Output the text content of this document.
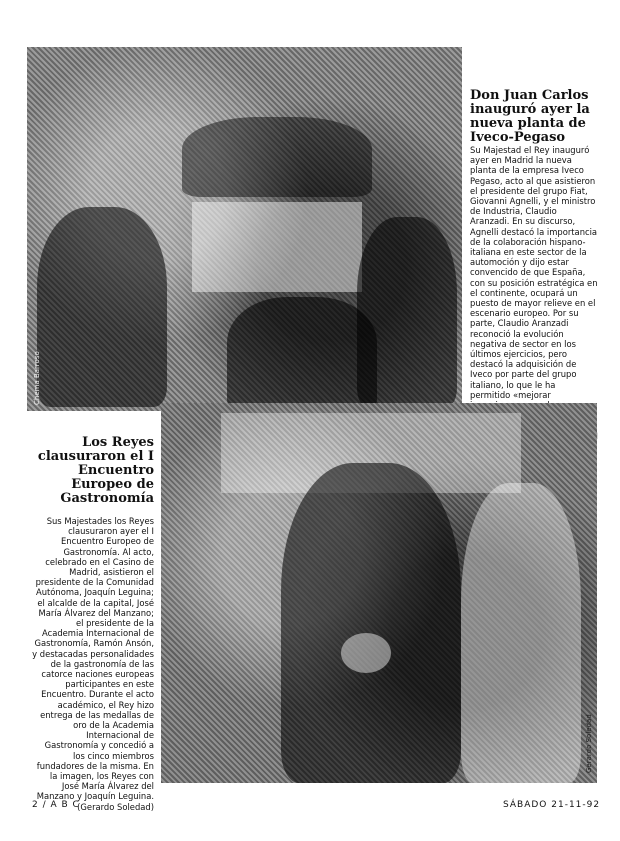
Chema Barroso
Don Juan Carlos inauguró ayer la nueva planta de Iveco-Pegaso
Su Majestad el Rey inauguró ayer en Madrid la nueva planta de la empresa Iveco Pegaso, acto al que asistieron el presidente del grupo Fiat, Giovanni Agnelli, y el ministro de Industria, Claudio Aranzadi. En su discurso, Agnelli destacó la importancia de la colaboración hispano-italiana en este sector de la automoción y dijo estar convencido de que España, con su posición estratégica en el continente, ocupará un puesto de mayor relieve en el escenario europeo. Por su parte, Claudio Aranzadi reconoció la evolución negativa de sector en los últimos ejercicios, pero destacó la adquisición de Iveco por parte del grupo italiano, lo que le ha permitido «mejorar
Gerardo Soledad
Los Reyes clausuraron el I Encuentro Europeo de Gastronomía
Sus Majestades los Reyes clausuraron ayer el I Encuentro Europeo de Gastronomía. Al acto, celebrado en el Casino de Madrid, asistieron el presidente de la Comunidad Autónoma, Joaquín Leguina; el alcalde de la capital, José María Álvarez del Manzano; el presidente de la Academia Internacional de Gastronomía, Ramón Ansón, y destacadas personalidades de la gastronomía de las catorce naciones europeas participantes en este Encuentro. Durante el acto académico, el Rey hizo entrega de las medallas de oro de la Academia Internacional de Gastronomía y concedió a los cinco miembros fundadores de la misma. En la imagen, los Reyes con José María Álvarez del Manzano y Joaquín Leguina. (Gerardo Soledad)
2 / A B C	SÁBADO 21-11-92
